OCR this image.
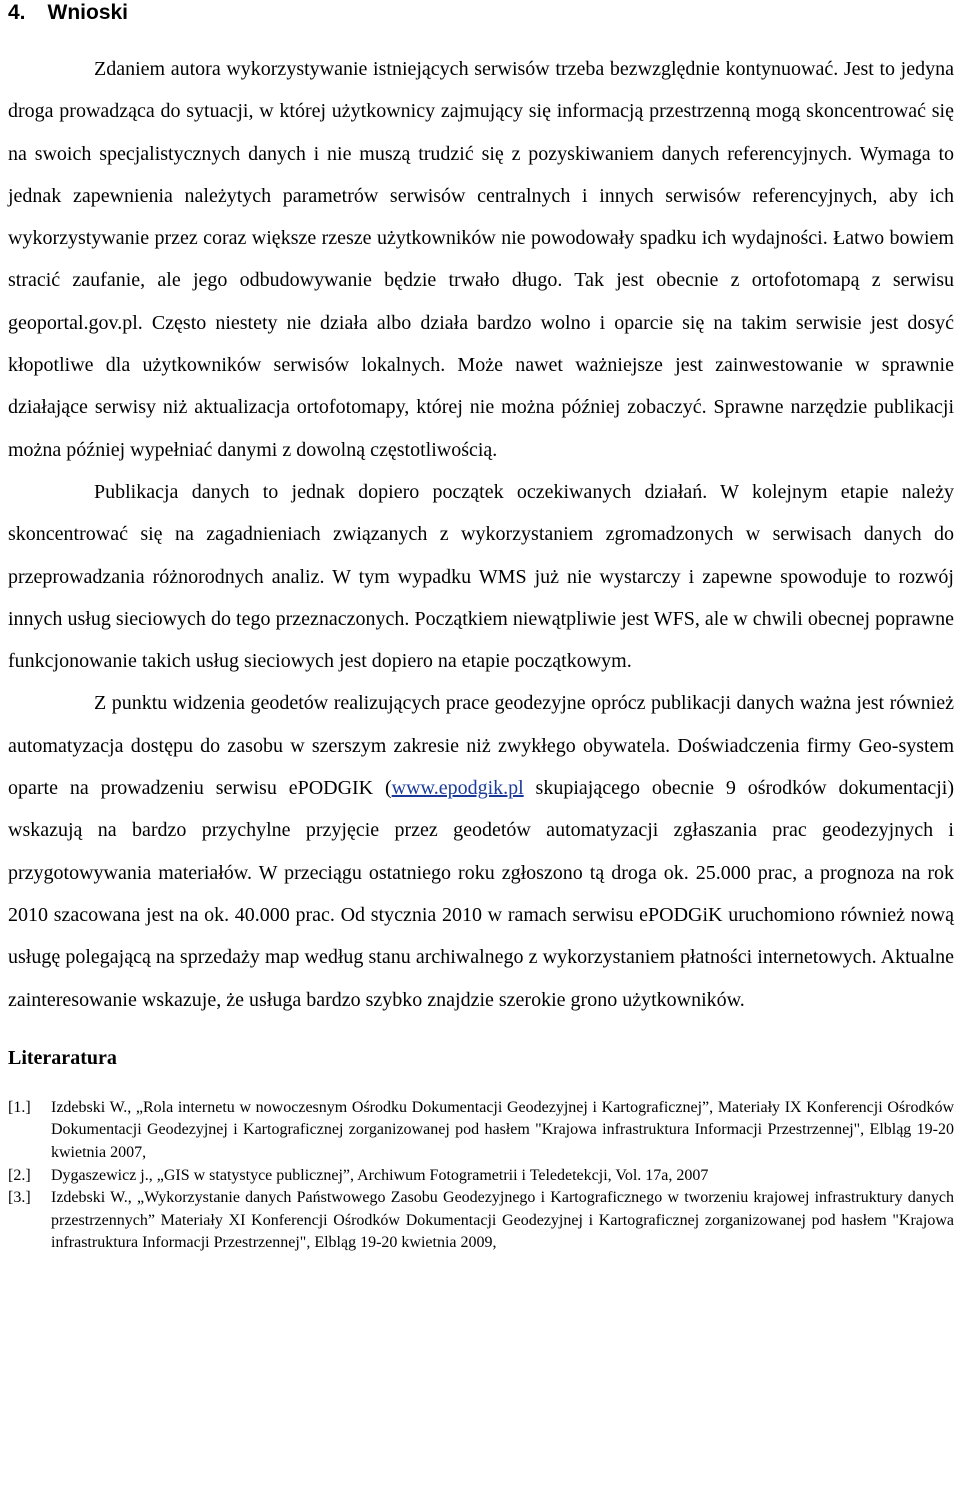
4. Wnioski

Zdaniem autora wykorzystywanie istniejących serwisów trzeba bezwzględnie kontynuować. Jest to jedyna droga prowadząca do sytuacji, w której użytkownicy zajmujący się informacją przestrzenną mogą skoncentrować się na swoich specjalistycznych danych i nie muszą trudzić się z pozyskiwaniem danych referencyjnych. Wymaga to jednak zapewnienia należytych parametrów serwisów centralnych i innych serwisów referencyjnych, aby ich wykorzystywanie przez coraz większe rzesze użytkowników nie powodowały spadku ich wydajności. Łatwo bowiem stracić zaufanie, ale jego odbudowywanie będzie trwało długo. Tak jest obecnie z ortofotomapą z serwisu geoportal.gov.pl. Często niestety nie działa albo działa bardzo wolno i oparcie się na takim serwisie jest dosyć kłopotliwe dla użytkowników serwisów lokalnych. Może nawet ważniejsze jest zainwestowanie w sprawnie działające serwisy niż aktualizacja ortofotomapy, której nie można później zobaczyć. Sprawne narzędzie publikacji można później wypełniać danymi z dowolną częstotliwością.

Publikacja danych to jednak dopiero początek oczekiwanych działań. W kolejnym etapie należy skoncentrować się na zagadnieniach związanych z wykorzystaniem zgromadzonych w serwisach danych do przeprowadzania różnorodnych analiz. W tym wypadku WMS już nie wystarczy i zapewne spowoduje to rozwój innych usług sieciowych do tego przeznaczonych. Początkiem niewątpliwie jest WFS, ale w chwili obecnej poprawne funkcjonowanie takich usług sieciowych jest dopiero na etapie początkowym.

Z punktu widzenia geodetów realizujących prace geodezyjne oprócz publikacji danych ważna jest również automatyzacja dostępu do zasobu w szerszym zakresie niż zwykłego obywatela. Doświadczenia firmy Geo-system oparte na prowadzeniu serwisu ePODGIK (www.epodgik.pl skupiającego obecnie 9 ośrodków dokumentacji) wskazują na bardzo przychylne przyjęcie przez geodetów automatyzacji zgłaszania prac geodezyjnych i przygotowywania materiałów. W przeciągu ostatniego roku zgłoszono tą droga ok. 25.000 prac, a prognoza na rok 2010 szacowana jest na ok. 40.000 prac. Od stycznia 2010 w ramach serwisu ePODGiK uruchomiono również nową usługę polegającą na sprzedaży map według stanu archiwalnego z wykorzystaniem płatności internetowych. Aktualne zainteresowanie wskazuje, że usługa bardzo szybko znajdzie szerokie grono użytkowników.

Literaratura
[1.]	Izdebski W., „Rola internetu w nowoczesnym Ośrodku Dokumentacji Geodezyjnej i Kartograficznej”, Materiały IX Konferencji Ośrodków Dokumentacji Geodezyjnej i Kartograficznej zorganizowanej pod hasłem "Krajowa infrastruktura Informacji Przestrzennej", Elbląg 19-20 kwietnia 2007,
[2.]	Dygaszewicz j., „GIS w statystyce publicznej”, Archiwum Fotogrametrii i Teledetekcji, Vol. 17a, 2007
[3.]	Izdebski W., „Wykorzystanie danych Państwowego Zasobu Geodezyjnego i Kartograficznego w tworzeniu krajowej infrastruktury danych przestrzennych” Materiały XI Konferencji Ośrodków Dokumentacji Geodezyjnej i Kartograficznej zorganizowanej pod hasłem "Krajowa infrastruktura Informacji Przestrzennej", Elbląg 19-20 kwietnia 2009,
